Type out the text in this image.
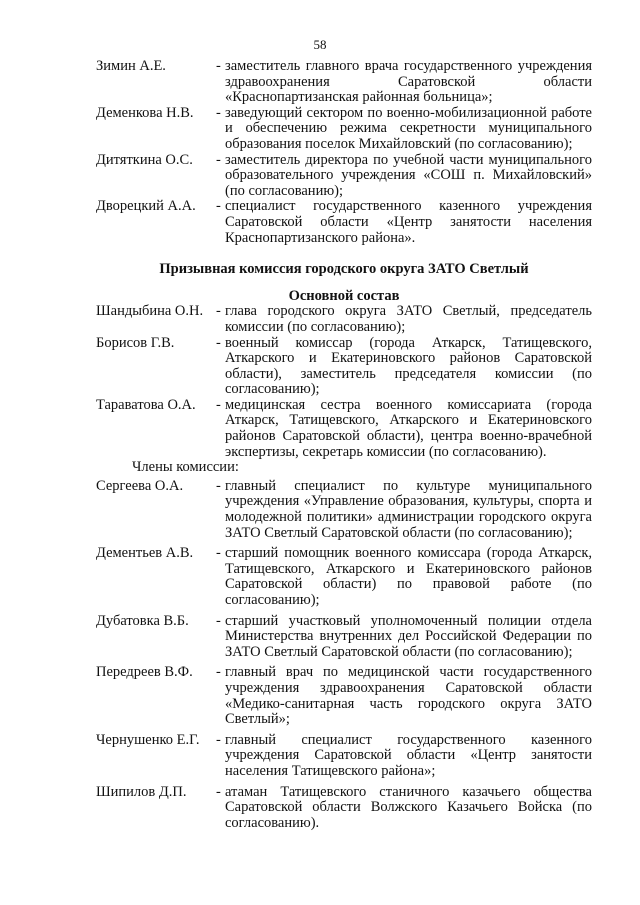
58
Зимин А.Е.	- заместитель главного врача государственного учреждения здравоохранения Саратовской области «Краснопартизанская районная больница»;
Деменкова Н.В.	- заведующий сектором по военно-мобилизационной работе и обеспечению режима секретности муниципального образования поселок Михайловский (по согласованию);
Дитяткина О.С.	- заместитель директора по учебной части муниципального образовательного учреждения «СОШ п. Михайловский» (по согласованию);
Дворецкий А.А.	- специалист государственного казенного учреждения Саратовской области «Центр занятости населения Краснопартизанского района».
Призывная комиссия городского округа ЗАТО Светлый
Основной состав
Шандыбина О.Н. - глава городского округа ЗАТО Светлый, председатель комиссии (по согласованию);
Борисов Г.В.	- военный комиссар (города Аткарск, Татищевского, Аткарского и Екатериновского районов Саратовской области), заместитель председателя комиссии (по согласованию);
Тараватова О.А.	- медицинская сестра военного комиссариата (города Аткарск, Татищевского, Аткарского и Екатериновского районов Саратовской области), центра военно-врачебной экспертизы, секретарь комиссии (по согласованию).
Члены комиссии:
Сергеева О.А.	- главный специалист по культуре муниципального учреждения «Управление образования, культуры, спорта и молодежной политики» администрации городского округа ЗАТО Светлый Саратовской области (по согласованию);
Дементьев А.В.	- старший помощник военного комиссара (города Аткарск, Татищевского, Аткарского и Екатериновского районов Саратовской области) по правовой работе (по согласованию);
Дубатовка В.Б.	- старший участковый уполномоченный полиции отдела Министерства внутренних дел Российской Федерации по ЗАТО Светлый Саратовской области (по согласованию);
Передреев В.Ф.	- главный врач по медицинской части государственного учреждения здравоохранения Саратовской области «Медико-санитарная часть городского округа ЗАТО Светлый»;
Чернушенко Е.Г.	- главный специалист государственного казенного учреждения Саратовской области «Центр занятости населения Татищевского района»;
Шипилов Д.П.	- атаман Татищевского станичного казачьего общества Саратовской области Волжского Казачьего Войска (по согласованию).
